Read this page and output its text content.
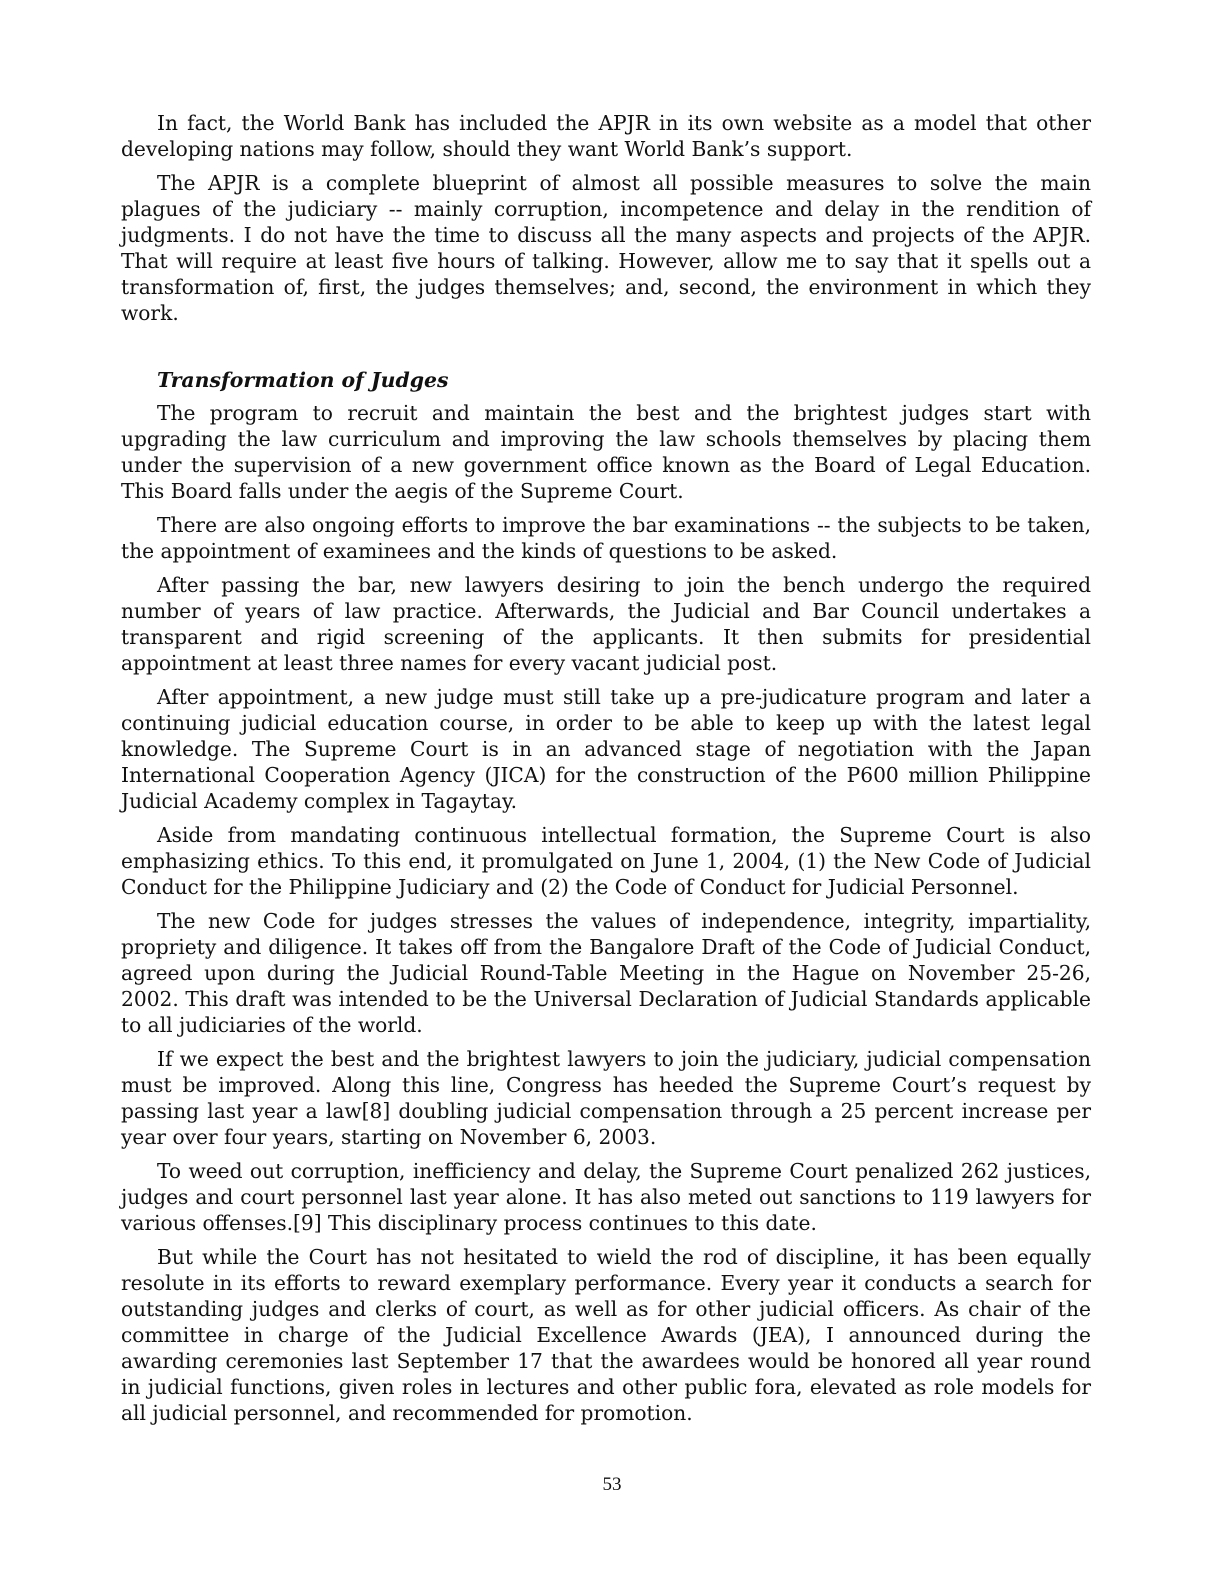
In fact, the World Bank has included the APJR in its own website as a model that other developing nations may follow, should they want World Bank’s support.

The APJR is a complete blueprint of almost all possible measures to solve the main plagues of the judiciary -- mainly corruption, incompetence and delay in the rendition of judgments. I do not have the time to discuss all the many aspects and projects of the APJR. That will require at least five hours of talking. However, allow me to say that it spells out a transformation of, first, the judges themselves; and, second, the environment in which they work.

Transformation of Judges

The program to recruit and maintain the best and the brightest judges start with upgrading the law curriculum and improving the law schools themselves by placing them under the supervision of a new government office known as the Board of Legal Education. This Board falls under the aegis of the Supreme Court.

There are also ongoing efforts to improve the bar examinations -- the subjects to be taken, the appointment of examinees and the kinds of questions to be asked.

After passing the bar, new lawyers desiring to join the bench undergo the required number of years of law practice. Afterwards, the Judicial and Bar Council undertakes a transparent and rigid screening of the applicants. It then submits for presidential appointment at least three names for every vacant judicial post.

After appointment, a new judge must still take up a pre-judicature program and later a continuing judicial education course, in order to be able to keep up with the latest legal knowledge. The Supreme Court is in an advanced stage of negotiation with the Japan International Cooperation Agency (JICA) for the construction of the P600 million Philippine Judicial Academy complex in Tagaytay.

Aside from mandating continuous intellectual formation, the Supreme Court is also emphasizing ethics. To this end, it promulgated on June 1, 2004, (1) the New Code of Judicial Conduct for the Philippine Judiciary and (2) the Code of Conduct for Judicial Personnel.

The new Code for judges stresses the values of independence, integrity, impartiality, propriety and diligence. It takes off from the Bangalore Draft of the Code of Judicial Conduct, agreed upon during the Judicial Round-Table Meeting in the Hague on November 25-26, 2002. This draft was intended to be the Universal Declaration of Judicial Standards applicable to all judiciaries of the world.

If we expect the best and the brightest lawyers to join the judiciary, judicial compensation must be improved. Along this line, Congress has heeded the Supreme Court’s request by passing last year a law[8] doubling judicial compensation through a 25 percent increase per year over four years, starting on November 6, 2003.

To weed out corruption, inefficiency and delay, the Supreme Court penalized 262 justices, judges and court personnel last year alone. It has also meted out sanctions to 119 lawyers for various offenses.[9] This disciplinary process continues to this date.

But while the Court has not hesitated to wield the rod of discipline, it has been equally resolute in its efforts to reward exemplary performance. Every year it conducts a search for outstanding judges and clerks of court, as well as for other judicial officers. As chair of the committee in charge of the Judicial Excellence Awards (JEA), I announced during the awarding ceremonies last September 17 that the awardees would be honored all year round in judicial functions, given roles in lectures and other public fora, elevated as role models for all judicial personnel, and recommended for promotion.

53
